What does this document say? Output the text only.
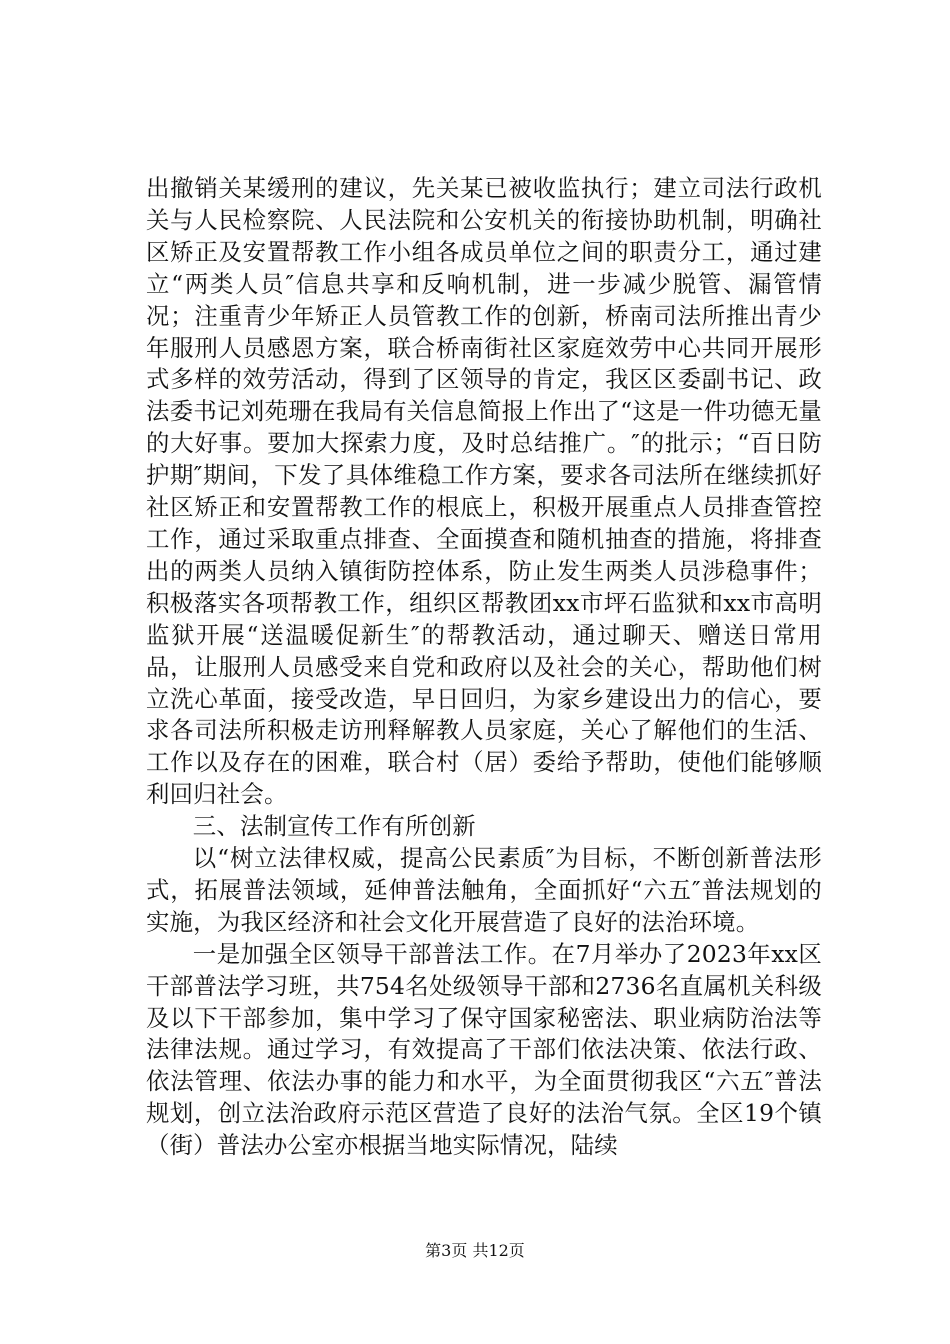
出撤销关某缓刑的建议，先关某已被收监执行；建立司法行政机关与人民检察院、人民法院和公安机关的衔接协助机制，明确社区矫正及安置帮教工作小组各成员单位之间的职责分工，通过建立“两类人员″信息共享和反响机制，进一步减少脱管、漏管情况；注重青少年矫正人员管教工作的创新，桥南司法所推出青少年服刑人员感恩方案，联合桥南街社区家庭效劳中心共同开展形式多样的效劳活动，得到了区领导的肯定，我区区委副书记、政法委书记刘苑珊在我局有关信息简报上作出了“这是一件功德无量的大好事。要加大探索力度，及时总结推广。″的批示；“百日防护期″期间，下发了具体维稳工作方案，要求各司法所在继续抓好社区矫正和安置帮教工作的根底上，积极开展重点人员排查管控工作，通过采取重点排查、全面摸查和随机抽查的措施，将排查出的两类人员纳入镇街防控体系，防止发生两类人员涉稳事件；积极落实各项帮教工作，组织区帮教团xx市坪石监狱和xx市高明监狱开展“送温暖促新生″的帮教活动，通过聊天、赠送日常用品，让服刑人员感受来自党和政府以及社会的关心，帮助他们树立洗心革面，接受改造，早日回归，为家乡建设出力的信心，要求各司法所积极走访刑释解教人员家庭，关心了解他们的生活、工作以及存在的困难，联合村（居）委给予帮助，使他们能够顺利回归社会。

三、法制宣传工作有所创新

以“树立法律权威，提高公民素质″为目标，不断创新普法形式，拓展普法领域，延伸普法触角，全面抓好“六五″普法规划的实施，为我区经济和社会文化开展营造了良好的法治环境。

一是加强全区领导干部普法工作。在7月举办了2023年xx区干部普法学习班，共754名处级领导干部和2736名直属机关科级及以下干部参加，集中学习了保守国家秘密法、职业病防治法等法律法规。通过学习，有效提高了干部们依法决策、依法行政、依法管理、依法办事的能力和水平，为全面贯彻我区“六五″普法规划，创立法治政府示范区营造了良好的法治气氛。全区19个镇（街）普法办公室亦根据当地实际情况，陆续

第3页 共12页
